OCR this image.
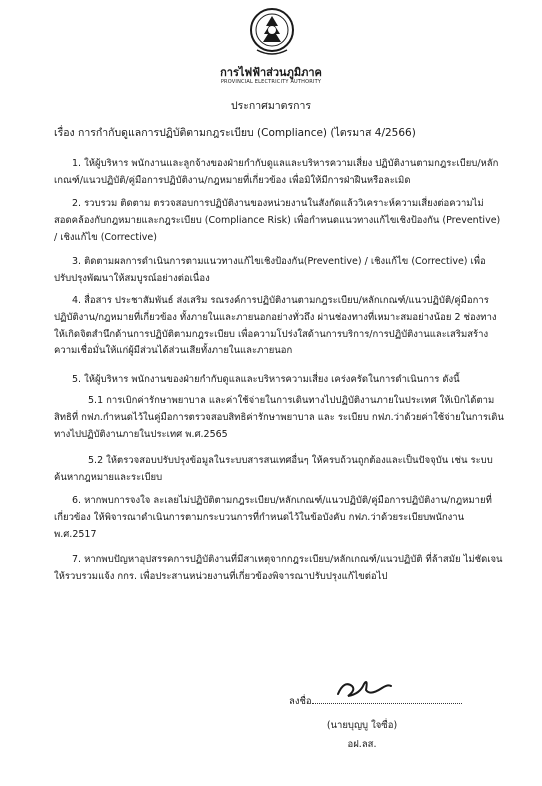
การไฟฟ้าส่วนภูมิภาค
PROVINCIAL ELECTRICITY AUTHORITY
ประกาศมาตรการ
เรื่อง การกำกับดูแลการปฏิบัติตามกฎระเบียบ (Compliance) (ไตรมาส 4/2566)

1. ให้ผู้บริหาร พนักงานและลูกจ้างของฝ่ายกำกับดูแลและบริหารความเสี่ยง ปฏิบัติงานตามกฎระเบียบ/หลักเกณฑ์/แนวปฏิบัติ/คู่มือการปฏิบัติงาน/กฎหมายที่เกี่ยวข้อง เพื่อมิให้มีการฝ่าฝืนหรือละเมิด

2. รวบรวม ติดตาม ตรวจสอบการปฏิบัติงานของหน่วยงานในสังกัดแล้ววิเคราะห์ความเสี่ยงต่อความไม่สอดคล้องกับกฎหมายและกฎระเบียบ (Compliance Risk) เพื่อกำหนดแนวทางแก้ไขเชิงป้องกัน (Preventive) / เชิงแก้ไข (Corrective)

3. ติดตามผลการดำเนินการตามแนวทางแก้ไขเชิงป้องกัน(Preventive) / เชิงแก้ไข (Corrective) เพื่อปรับปรุงพัฒนาให้สมบูรณ์อย่างต่อเนื่อง

4. สื่อสาร ประชาสัมพันธ์ ส่งเสริม รณรงค์การปฏิบัติงานตามกฎระเบียบ/หลักเกณฑ์/แนวปฏิบัติ/คู่มือการปฏิบัติงาน/กฎหมายที่เกี่ยวข้อง ทั้งภายในและภายนอกอย่างทั่วถึง ผ่านช่องทางที่เหมาะสมอย่างน้อย 2 ช่องทาง ให้เกิดจิตสำนึกด้านการปฏิบัติตามกฎระเบียบ เพื่อความโปร่งใสด้านการบริการ/การปฏิบัติงานและเสริมสร้างความเชื่อมั่นให้แก่ผู้มีส่วนได้ส่วนเสียทั้งภายในและภายนอก

5. ให้ผู้บริหาร พนักงานของฝ่ายกำกับดูแลและบริหารความเสี่ยง เคร่งครัดในการดำเนินการ ดังนี้

5.1 การเบิกค่ารักษาพยาบาล และค่าใช้จ่ายในการเดินทางไปปฏิบัติงานภายในประเทศ ให้เบิกได้ตามสิทธิที่ กฟภ.กำหนดไว้ในคู่มือการตรวจสอบสิทธิค่ารักษาพยาบาล และ ระเบียบ กฟภ.ว่าด้วยค่าใช้จ่ายในการเดินทางไปปฏิบัติงานภายในประเทศ พ.ศ.2565

5.2 ให้ตรวจสอบปรับปรุงข้อมูลในระบบสารสนเทศอื่นๆ ให้ครบถ้วนถูกต้องและเป็นปัจจุบัน เช่น ระบบค้นหากฎหมายและระเบียบ

6. หากพบการจงใจ ละเลยไม่ปฏิบัติตามกฎระเบียบ/หลักเกณฑ์/แนวปฏิบัติ/คู่มือการปฏิบัติงาน/กฎหมายที่เกี่ยวข้อง ให้พิจารณาดำเนินการตามกระบวนการที่กำหนดไว้ในข้อบังคับ กฟภ.ว่าด้วยระเบียบพนักงาน พ.ศ.2517

7. หากพบปัญหาอุปสรรคการปฏิบัติงานที่มีสาเหตุจากกฎระเบียบ/หลักเกณฑ์/แนวปฏิบัติ ที่ล้าสมัย ไม่ชัดเจน ให้รวบรวมแจ้ง กกร. เพื่อประสานหน่วยงานที่เกี่ยวข้องพิจารณาปรับปรุงแก้ไขต่อไป

ลงชื่อ
(นายบุญบู ใจซื่อ)
อฝ.ลส.
